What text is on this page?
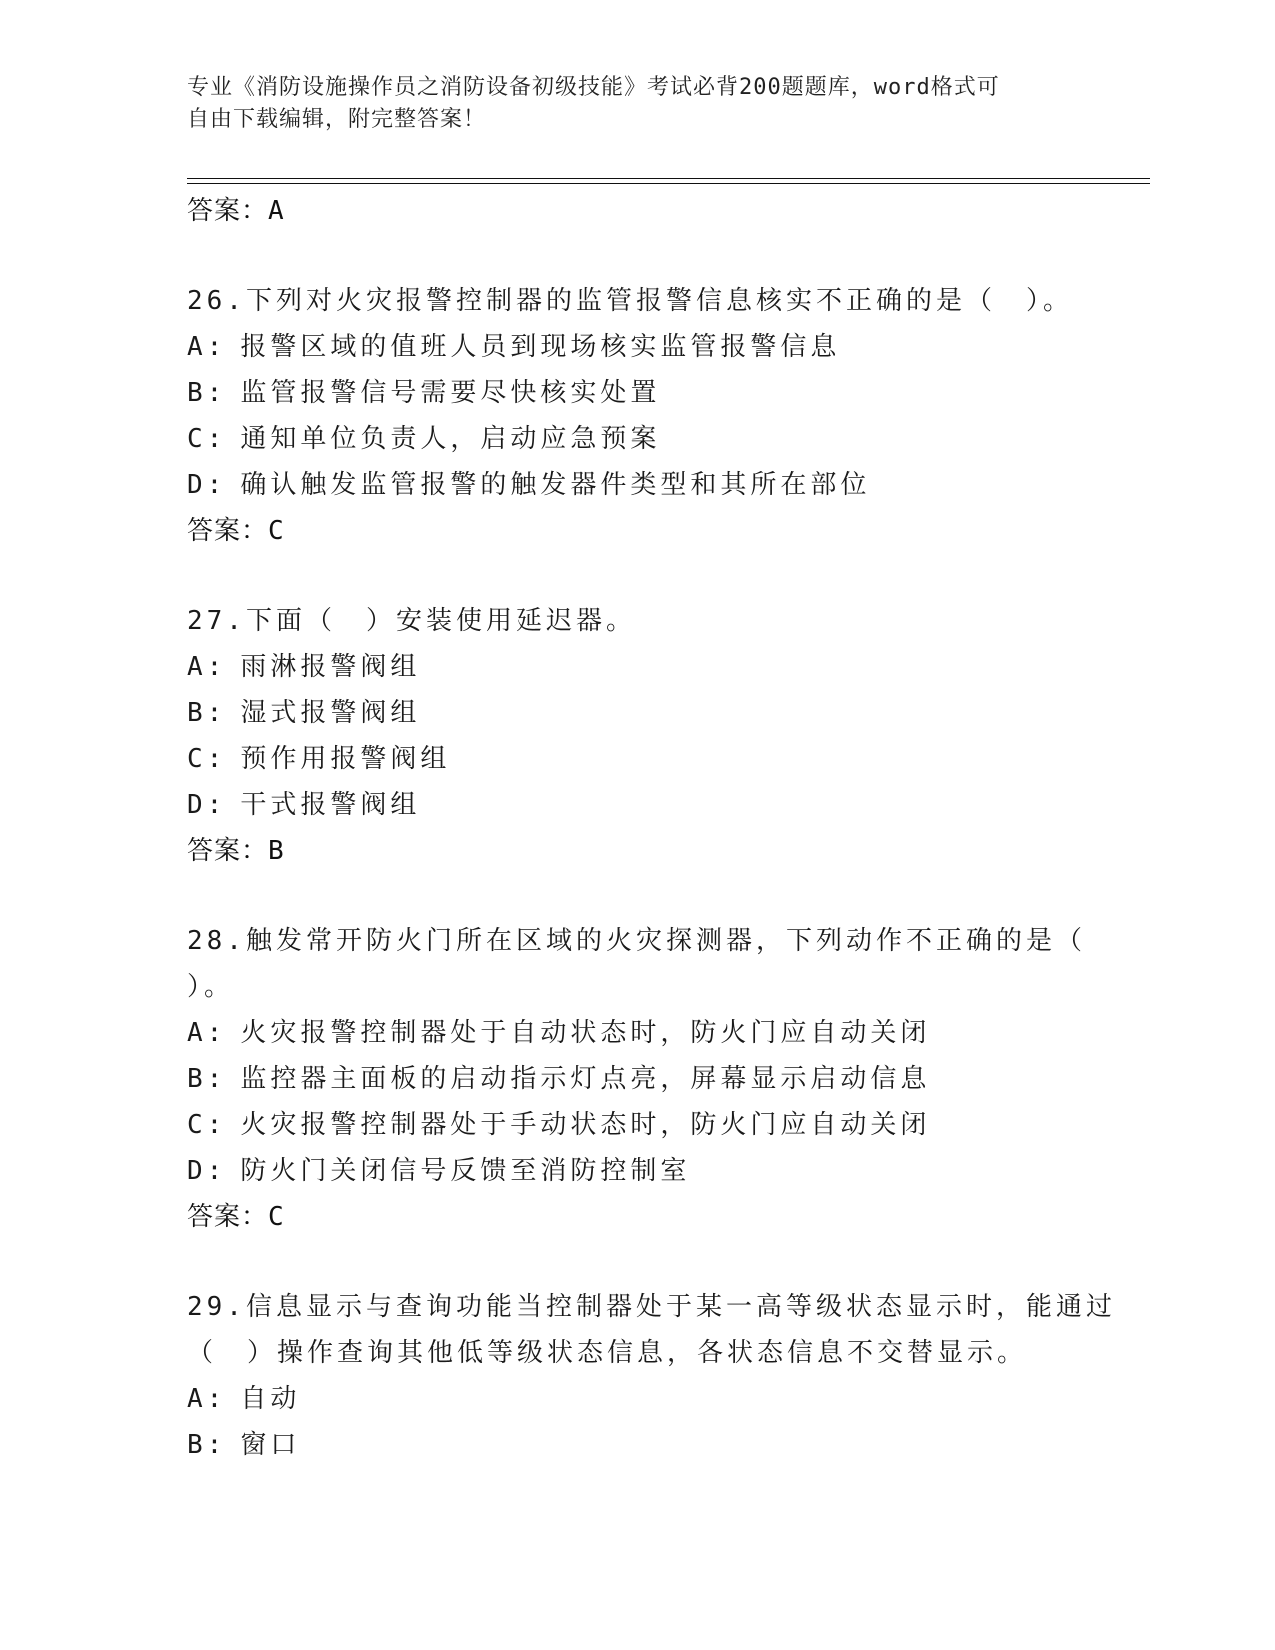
专业《消防设施操作员之消防设备初级技能》考试必背200题题库，word格式可
自由下载编辑，附完整答案！
答案：A
26.下列对火灾报警控制器的监管报警信息核实不正确的是（　）。
A: 报警区域的值班人员到现场核实监管报警信息
B: 监管报警信号需要尽快核实处置
C: 通知单位负责人，启动应急预案
D: 确认触发监管报警的触发器件类型和其所在部位
答案：C
27.下面（　）安装使用延迟器。
A: 雨淋报警阀组
B: 湿式报警阀组
C: 预作用报警阀组
D: 干式报警阀组
答案：B
28.触发常开防火门所在区域的火灾探测器，下列动作不正确的是（
）。
A: 火灾报警控制器处于自动状态时，防火门应自动关闭
B: 监控器主面板的启动指示灯点亮，屏幕显示启动信息
C: 火灾报警控制器处于手动状态时，防火门应自动关闭
D: 防火门关闭信号反馈至消防控制室
答案：C
29.信息显示与查询功能当控制器处于某一高等级状态显示时，能通过
（　）操作查询其他低等级状态信息，各状态信息不交替显示。
A: 自动
B: 窗口
